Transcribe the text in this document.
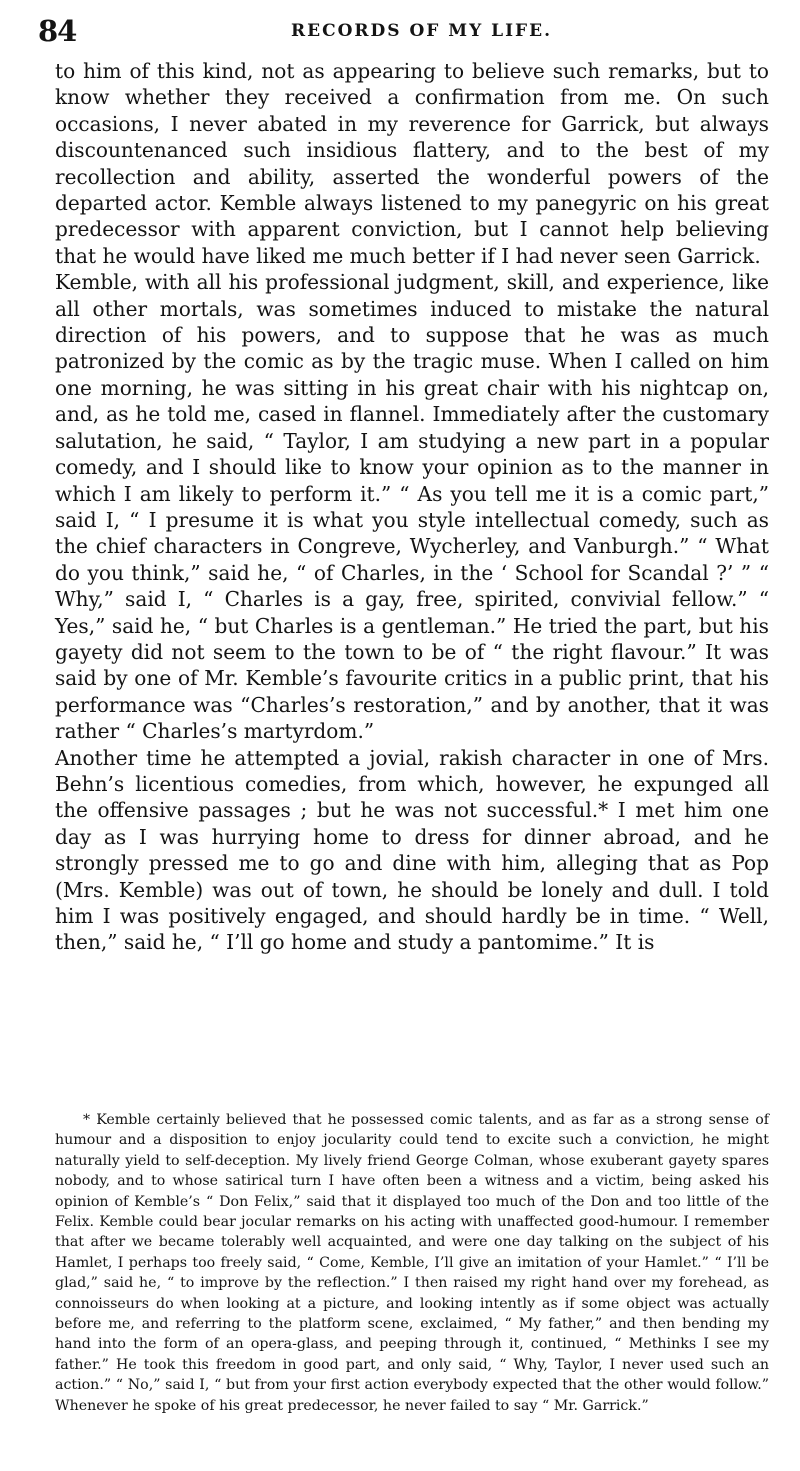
84	RECORDS OF MY LIFE.

to him of this kind, not as appearing to believe such remarks, but to know whether they received a confirmation from me. On such occasions, I never abated in my reverence for Garrick, but always discountenanced such insidious flattery, and to the best of my recollection and ability, asserted the wonderful powers of the departed actor. Kemble always listened to my panegyric on his great predecessor with apparent conviction, but I cannot help believing that he would have liked me much better if I had never seen Garrick.

Kemble, with all his professional judgment, skill, and experience, like all other mortals, was sometimes induced to mistake the natural direction of his powers, and to suppose that he was as much patronized by the comic as by the tragic muse. When I called on him one morning, he was sitting in his great chair with his nightcap on, and, as he told me, cased in flannel. Immediately after the customary salutation, he said, “ Taylor, I am studying a new part in a popular comedy, and I should like to know your opinion as to the manner in which I am likely to perform it.” “ As you tell me it is a comic part,” said I, “ I presume it is what you style intellectual comedy, such as the chief characters in Congreve, Wycherley, and Vanburgh.” “ What do you think,” said he, “ of Charles, in the ‘ School for Scandal ?’ ” “ Why,” said I, “ Charles is a gay, free, spirited, convivial fellow.” “ Yes,” said he, “ but Charles is a gentleman.” He tried the part, but his gayety did not seem to the town to be of “ the right flavour.” It was said by one of Mr. Kemble’s favourite critics in a public print, that his performance was “Charles’s restoration,” and by another, that it was rather “ Charles’s martyrdom.”

Another time he attempted a jovial, rakish character in one of Mrs. Behn’s licentious comedies, from which, however, he expunged all the offensive passages ; but he was not successful.* I met him one day as I was hurrying home to dress for dinner abroad, and he strongly pressed me to go and dine with him, alleging that as Pop (Mrs. Kemble) was out of town, he should be lonely and dull. I told him I was positively engaged, and should hardly be in time. “ Well, then,” said he, “ I’ll go home and study a pantomime.” It is

* Kemble certainly believed that he possessed comic talents, and as far as a strong sense of humour and a disposition to enjoy jocularity could tend to excite such a conviction, he might naturally yield to self-deception. My lively friend George Colman, whose exuberant gayety spares nobody, and to whose satirical turn I have often been a witness and a victim, being asked his opinion of Kemble’s “ Don Felix,” said that it displayed too much of the Don and too little of the Felix. Kemble could bear jocular remarks on his acting with unaffected good-humour. I remember that after we became tolerably well acquainted, and were one day talking on the subject of his Hamlet, I perhaps too freely said, “ Come, Kemble, I’ll give an imitation of your Hamlet.” “ I’ll be glad,” said he, “ to improve by the reflection.” I then raised my right hand over my forehead, as connoisseurs do when looking at a picture, and looking intently as if some object was actually before me, and referring to the platform scene, exclaimed, “ My father,” and then bending my hand into the form of an opera-glass, and peeping through it, continued, “ Methinks I see my father.” He took this freedom in good part, and only said, “ Why, Taylor, I never used such an action.” “ No,” said I, “ but from your first action everybody expected that the other would follow.” Whenever he spoke of his great predecessor, he never failed to say “ Mr. Garrick.”
